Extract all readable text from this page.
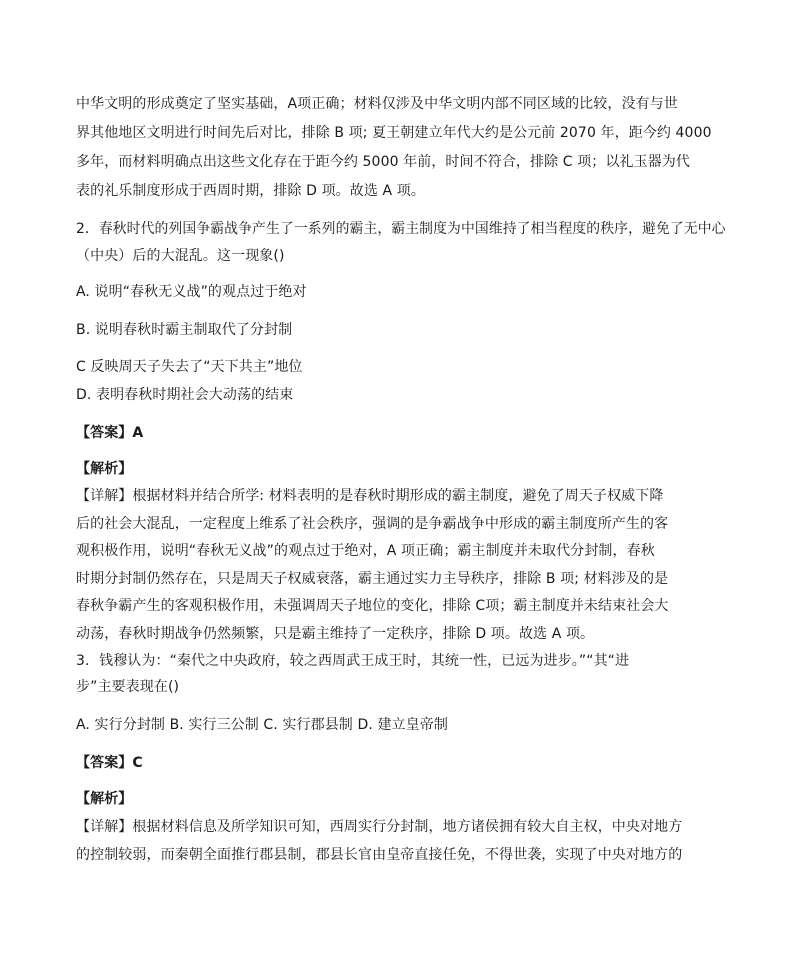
中华文明的形成奠定了坚实基础，A项正确；材料仅涉及中华文明内部不同区域的比较，没有与世
界其他地区文明进行时间先后对比，排除 B 项; 夏王朝建立年代大约是公元前 2070 年，距今约 4000
多年，而材料明确点出这些文化存在于距今约 5000 年前，时间不符合，排除 C 项；以礼玉器为代
表的礼乐制度形成于西周时期，排除 D 项。故选 A 项。
2．春秋时代的列国争霸战争产生了一系列的霸主，霸主制度为中国维持了相当程度的秩序，避免了无中心
（中央）后的大混乱。这一现象()
A. 说明“春秋无义战”的观点过于绝对
B. 说明春秋时霸主制取代了分封制
C 反映周天子失去了“天下共主”地位
D. 表明春秋时期社会大动荡的结束
【答案】A
【解析】
【详解】根据材料并结合所学: 材料表明的是春秋时期形成的霸主制度，避免了周天子权威下降
后的社会大混乱，一定程度上维系了社会秩序，强调的是争霸战争中形成的霸主制度所产生的客
观积极作用，说明“春秋无义战”的观点过于绝对，A 项正确；霸主制度并未取代分封制，春秋
时期分封制仍然存在，只是周天子权威衰落，霸主通过实力主导秩序，排除 B 项; 材料涉及的是
春秋争霸产生的客观积极作用，未强调周天子地位的变化，排除 C项；霸主制度并未结束社会大
动荡，春秋时期战争仍然频繁，只是霸主维持了一定秩序，排除 D 项。故选 A 项。
3．钱穆认为：“秦代之中央政府，较之西周武王成王时，其统一性，已远为进步。”“其“进
步”主要表现在()
A. 实行分封制 B. 实行三公制 C. 实行郡县制 D. 建立皇帝制
【答案】C
【解析】
【详解】根据材料信息及所学知识可知，西周实行分封制，地方诸侯拥有较大自主权，中央对地方
的控制较弱，而秦朝全面推行郡县制，郡县长官由皇帝直接任免，不得世袭，实现了中央对地方的
